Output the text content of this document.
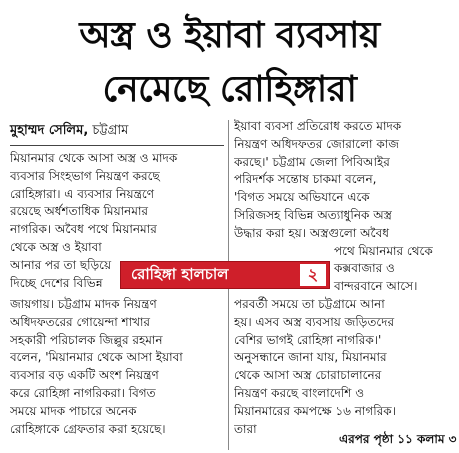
অস্ত্র ও ইয়াবা ব্যবসায়
নেমেছে রোহিঙ্গারা
মুহাম্মদ সেলিম, চট্টগ্রাম
মিয়ানমার থেকে আসা অস্ত্র ও মাদক
ব্যবসার সিংহভাগ নিয়ন্ত্রণ করছে
রোহিঙ্গারা। এ ব্যবসার নিয়ন্ত্রণে
রয়েছে অর্ধশতাধিক মিয়ানমার
নাগরিক। অবৈধ পথে মিয়ানমার
থেকে অস্ত্র ও ইয়াবা
আনার পর তা ছড়িয়ে
দিচ্ছে দেশের বিভিন্ন
জায়গায়। চট্টগ্রাম মাদক নিয়ন্ত্রণ
অধিদফতরের গোয়েন্দা শাখার
সহকারী পরিচালক জিল্লুর রহমান
বলেন, 'মিয়ানমার থেকে আসা ইয়াবা
ব্যবসার বড় একটি অংশ নিয়ন্ত্রণ
করে রোহিঙ্গা নাগরিকরা। বিগত
সময়ে মাদক পাচারে অনেক
রোহিঙ্গাকে গ্রেফতার করা হয়েছে।
ইয়াবা ব্যবসা প্রতিরোধ করতে মাদক
নিয়ন্ত্রণ অধিদফতর জোরালো কাজ
করছে।' চট্টগ্রাম জেলা পিবিআইর
পরিদর্শক সন্তোষ চাকমা বলেন,
'বিগত সময়ে অভিযানে একে
সিরিজসহ বিভিন্ন অত্যাধুনিক অস্ত্র
উদ্ধার করা হয়। অস্ত্রগুলো অবৈধ
পথে মিয়ানমার থেকে
কক্সবাজার ও
বান্দরবানে আসে।
পরবর্তী সময়ে তা চট্টগ্রামে আনা
হয়। এসব অস্ত্র ব্যবসায় জড়িতদের
বেশির ভাগই রোহিঙ্গা নাগরিক।'
অনুসন্ধানে জানা যায়, মিয়ানমার
থেকে আসা অস্ত্র চোরাচালানের
নিয়ন্ত্রণ করছে বাংলাদেশি ও
মিয়ানমারের কমপক্ষে ১৬ নাগরিক।
তারা
এরপর পৃষ্ঠা ১১ কলাম ৩
রোহিঙ্গা হালচাল	২
